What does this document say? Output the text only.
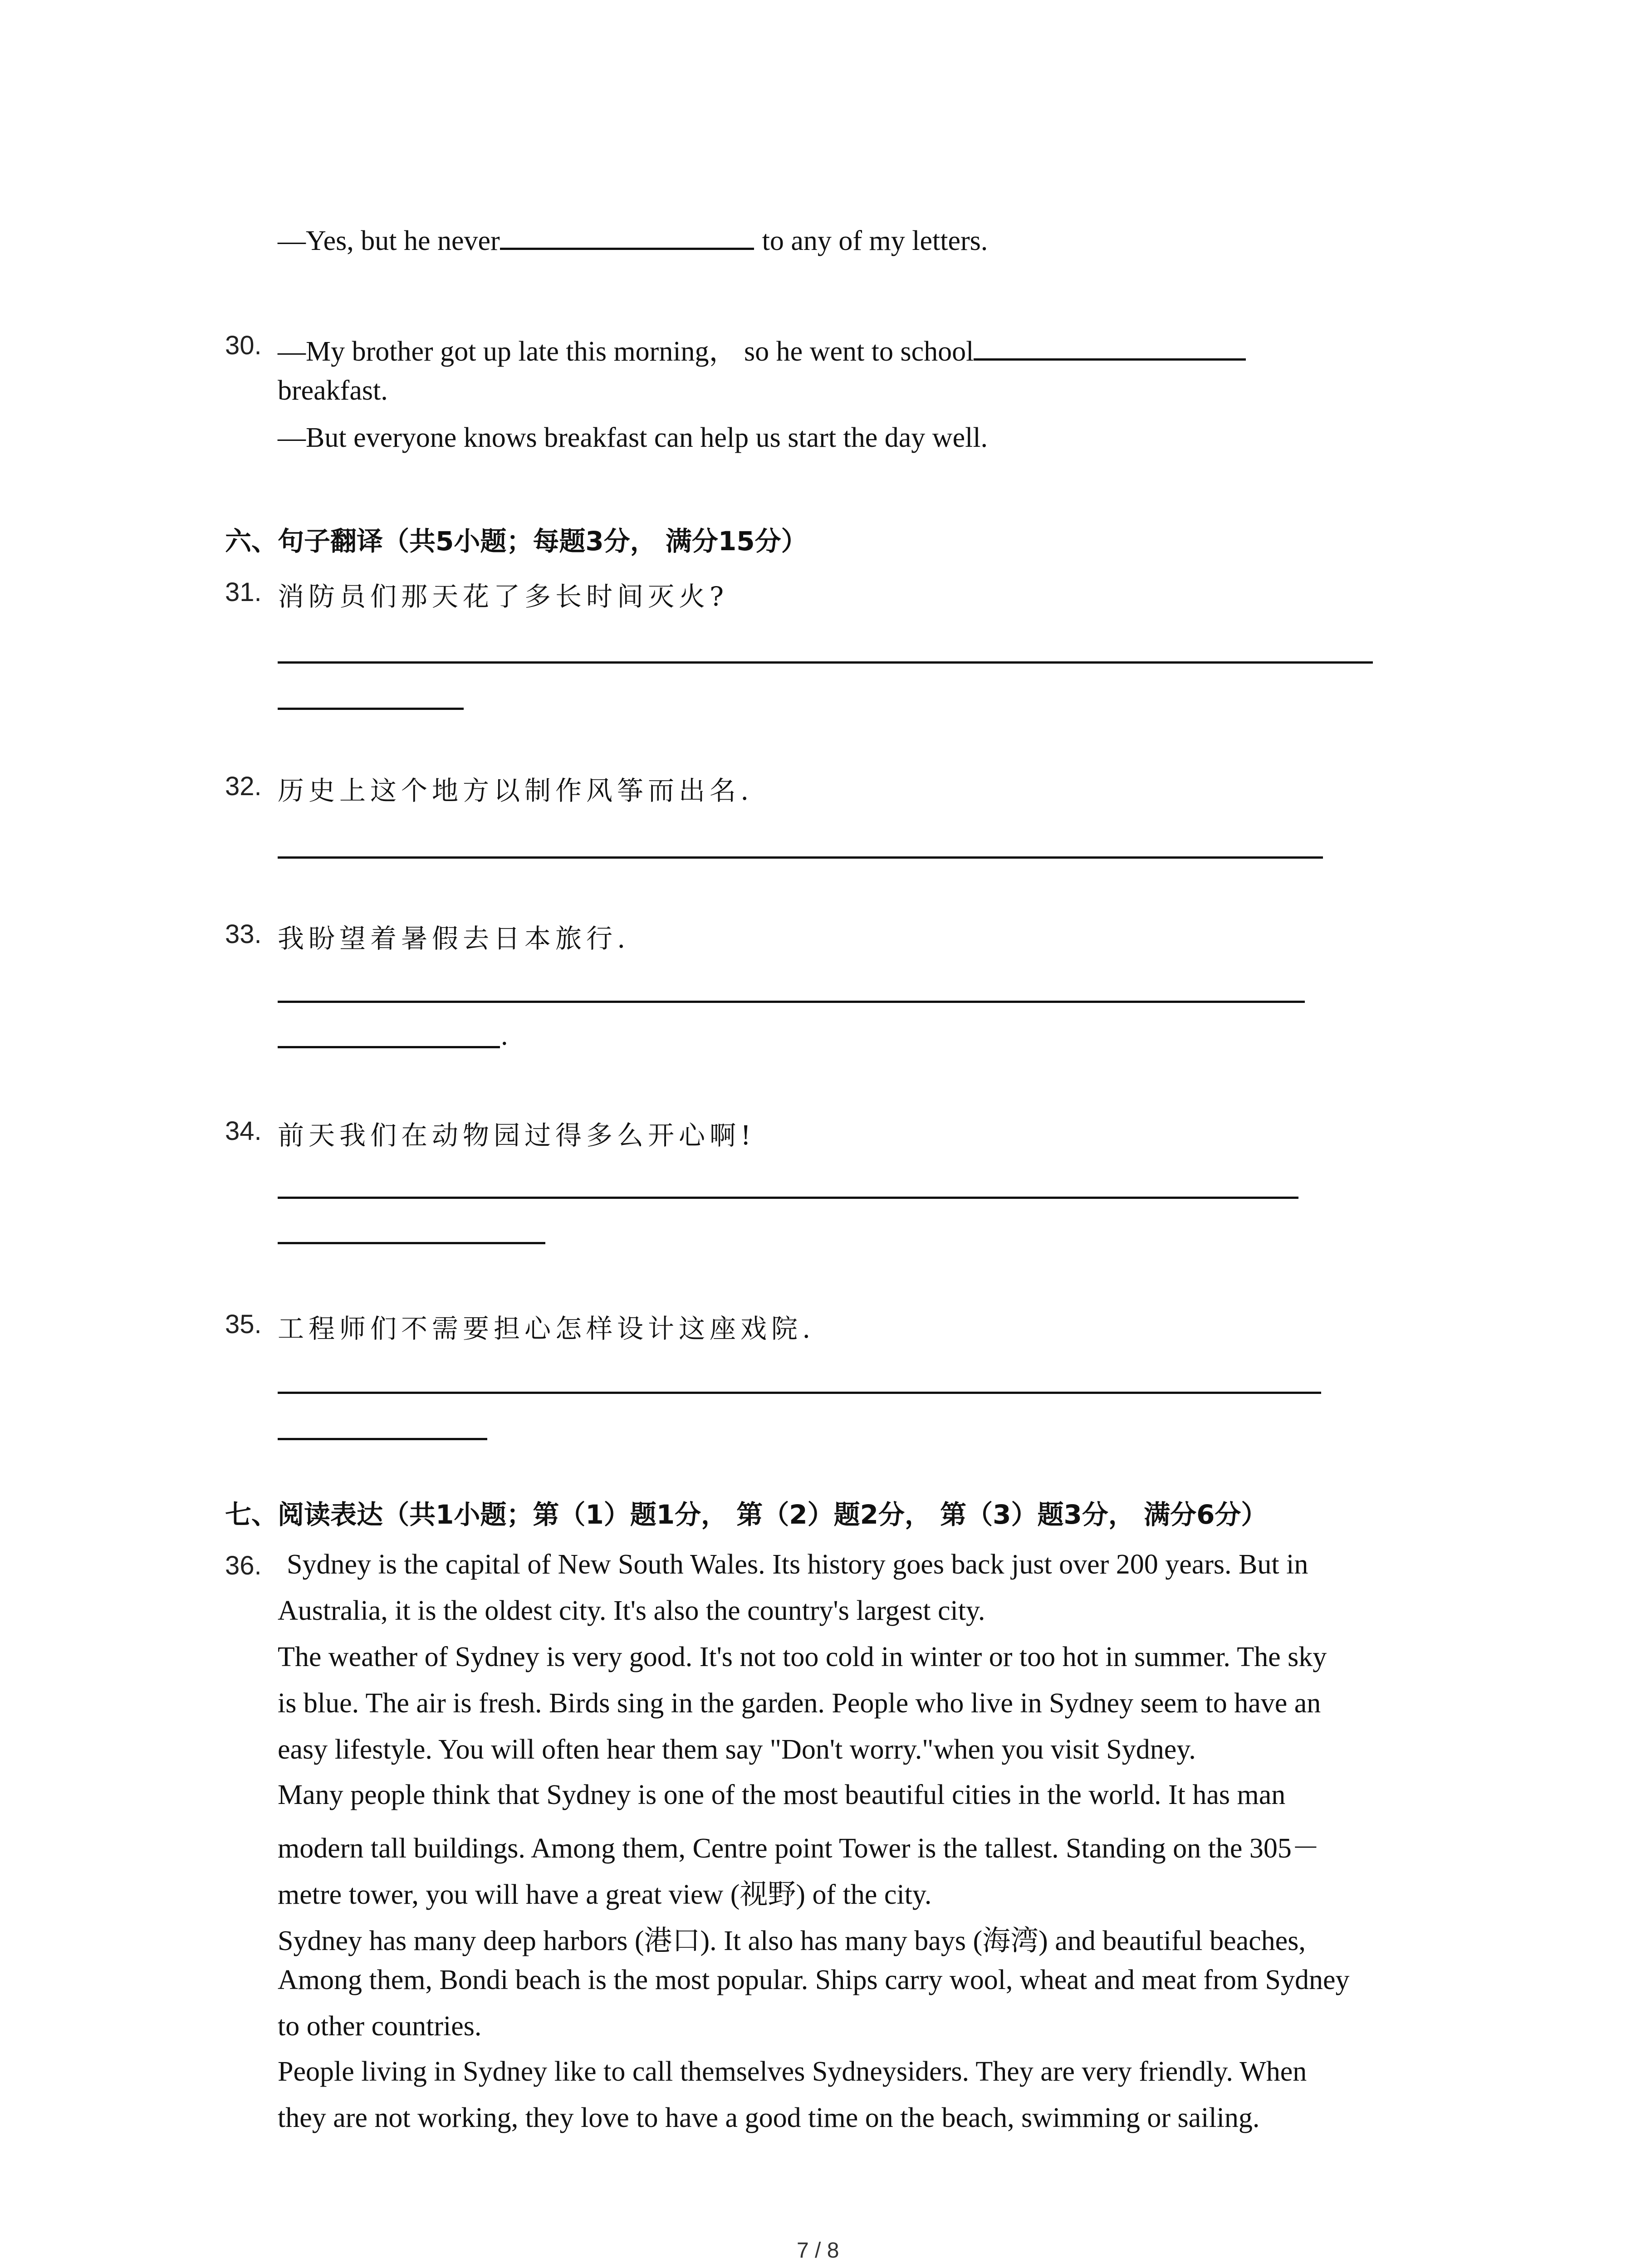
—Yes, but he never	to any of my letters.
30. —My brother got up late this morning， so he went to school
breakfast.
—But everyone knows breakfast can help us start the day well.
六、句子翻译（共5小题；每题3分， 满分15分）
31. 消防员们那天花了多长时间灭火?
32. 历史上这个地方以制作风筝而出名.
33. 我盼望着暑假去日本旅行.
.
34. 前天我们在动物园过得多么开心啊!
35. 工程师们不需要担心怎样设计这座戏院.
七、阅读表达（共1小题；第（1）题1分， 第（2）题2分， 第（3）题3分， 满分6分）
36. Sydney is the capital of New South Wales. Its history goes back just over 200 years. But in
Australia, it is the oldest city. It's also the country's largest city.
The weather of Sydney is very good. It's not too cold in winter or too hot in summer. The sky
is blue. The air is fresh. Birds sing in the garden. People who live in Sydney seem to have an
easy lifestyle. You will often hear them say "Don't worry."when you visit Sydney.
Many people think that Sydney is one of the most beautiful cities in the world. It has man
modern tall buildings. Among them, Centre point Tower is the tallest. Standing on the 305－
metre tower, you will have a great view (视野) of the city.
Sydney has many deep harbors (港口). It also has many bays (海湾) and beautiful beaches,
Among them, Bondi beach is the most popular. Ships carry wool, wheat and meat from Sydney
to other countries.
People living in Sydney like to call themselves Sydneysiders. They are very friendly. When
they are not working, they love to have a good time on the beach, swimming or sailing.
7 / 8
